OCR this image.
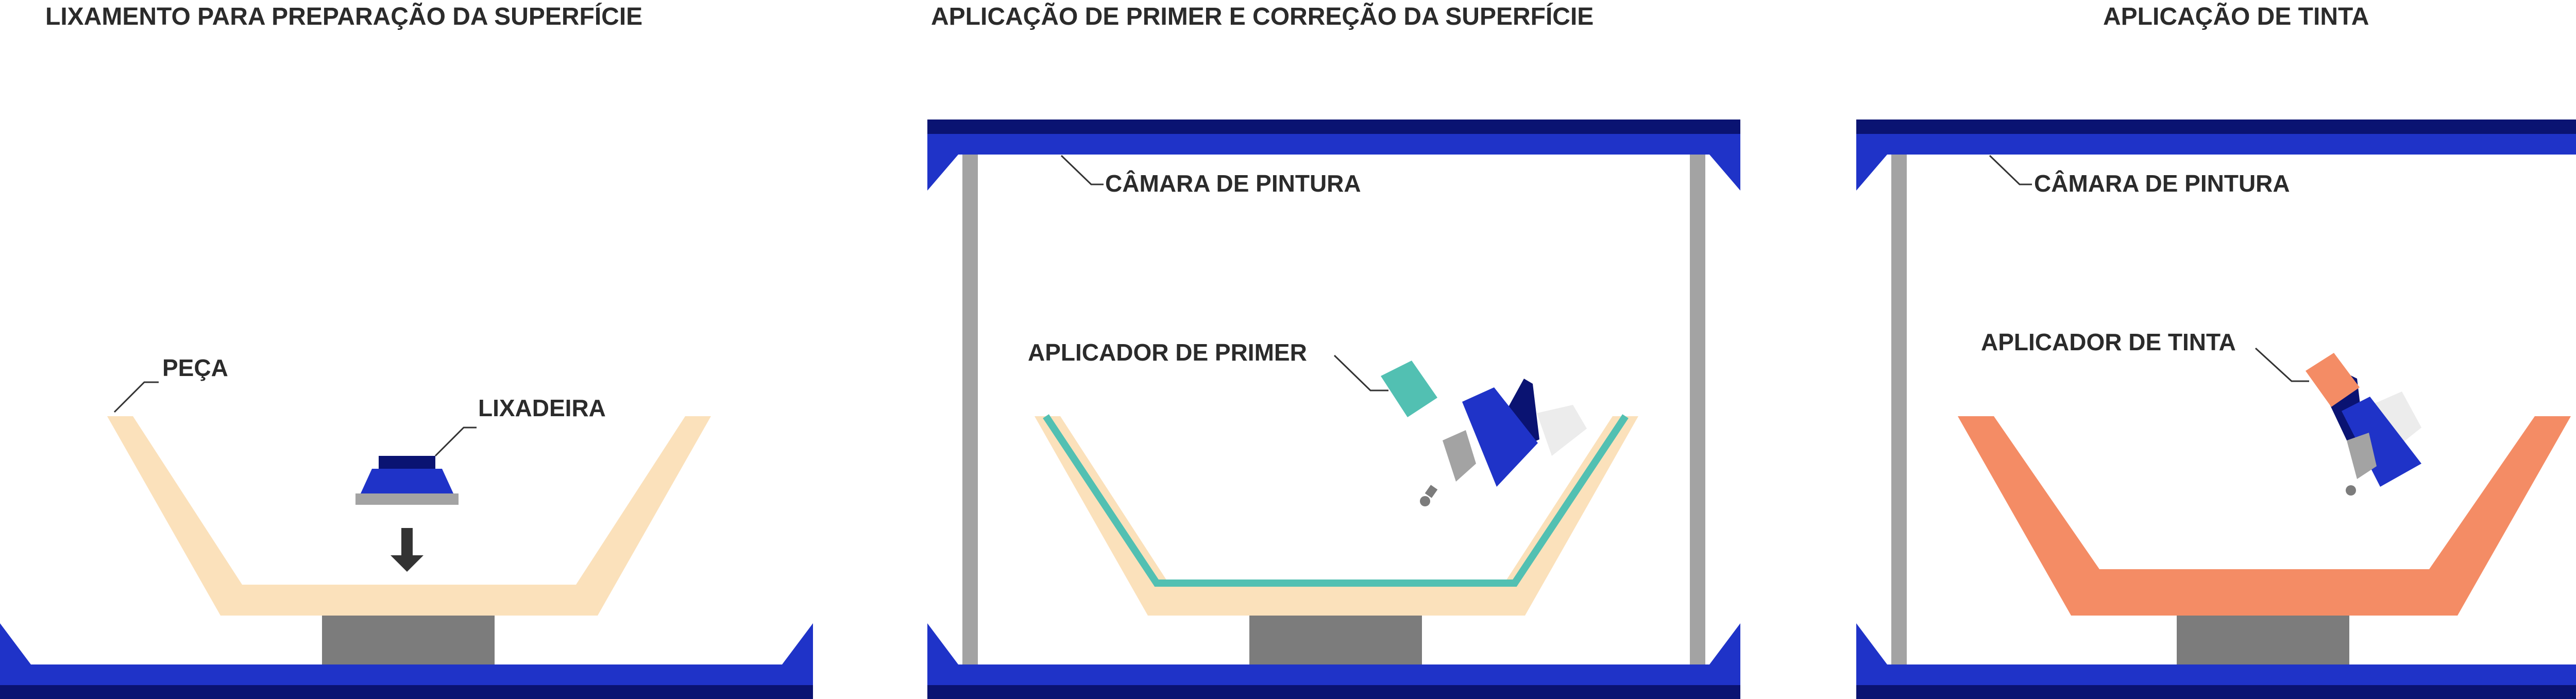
LIXAMENTO PARA PREPARAÇÃO DA SUPERFÍCIE
PEÇA
LIXADEIRA
APLICAÇÃO DE PRIMER E CORREÇÃO DA SUPERFÍCIE
CÂMARA DE PINTURA
APLICADOR DE PRIMER
APLICAÇÃO DE TINTA
CÂMARA DE PINTURA
APLICADOR DE TINTA
